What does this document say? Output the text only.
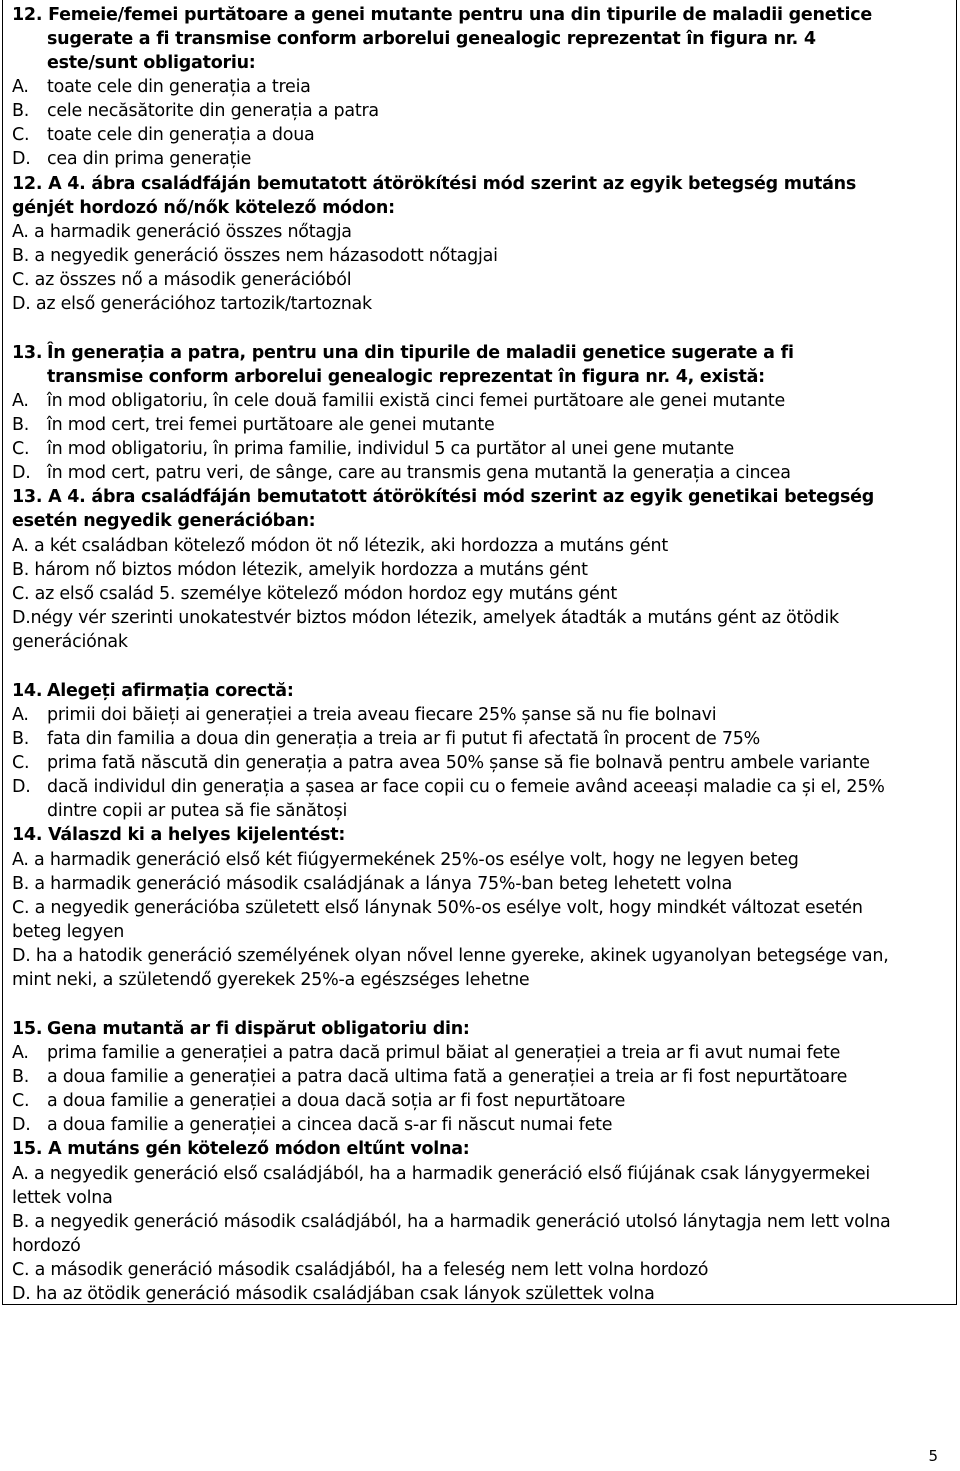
12. Femeie/femei purtătoare a genei mutante pentru una din tipurile de maladii genetice
sugerate a fi transmise conform arborelui genealogic reprezentat în figura nr. 4
este/sunt obligatoriu:
A. toate cele din generația a treia
B. cele necăsătorite din generația a patra
C. toate cele din generația a doua
D. cea din prima generație
12. A 4. ábra családfáján bemutatott átörökítési mód szerint az egyik betegség mutáns
génjét hordozó nő/nők kötelező módon:
A. a harmadik generáció összes nőtagja
B. a negyedik generáció összes nem házasodott nőtagjai
C. az összes nő a második generációból
D. az első generációhoz tartozik/tartoznak
13. În generația a patra, pentru una din tipurile de maladii genetice sugerate a fi
transmise conform arborelui genealogic reprezentat în figura nr. 4, există:
A. în mod obligatoriu, în cele două familii există cinci femei purtătoare ale genei mutante
B. în mod cert, trei femei purtătoare ale genei mutante
C. în mod obligatoriu, în prima familie, individul 5 ca purtător al unei gene mutante
D. în mod cert, patru veri, de sânge, care au transmis gena mutantă la generația a cincea
13. A 4. ábra családfáján bemutatott átörökítési mód szerint az egyik genetikai betegség
esetén negyedik generációban:
A. a két családban kötelező módon öt nő létezik, aki hordozza a mutáns gént
B. három nő biztos módon létezik, amelyik hordozza a mutáns gént
C. az első család 5. személye kötelező módon hordoz egy mutáns gént
D.négy vér szerinti unokatestvér biztos módon létezik, amelyek átadták a mutáns gént az ötödik
generációnak
14. Alegeți afirmația corectă:
A. primii doi băieți ai generației a treia aveau fiecare 25% șanse să nu fie bolnavi
B. fata din familia a doua din generația a treia ar fi putut fi afectată în procent de 75%
C. prima fată născută din generația a patra avea 50% șanse să fie bolnavă pentru ambele variante
D. dacă individul din generația a șasea ar face copii cu o femeie având aceeași maladie ca și el, 25%
dintre copii ar putea să fie sănătoși
14. Válaszd ki a helyes kijelentést:
A. a harmadik generáció első két fiúgyermekének 25%-os esélye volt, hogy ne legyen beteg
B. a harmadik generáció második családjának a lánya 75%-ban beteg lehetett volna
C. a negyedik generációba született első lánynak 50%-os esélye volt, hogy mindkét változat esetén
beteg legyen
D. ha a hatodik generáció személyének olyan nővel lenne gyereke, akinek ugyanolyan betegsége van,
mint neki, a születendő gyerekek 25%-a egészséges lehetne
15. Gena mutantă ar fi dispărut obligatoriu din:
A. prima familie a generației a patra dacă primul băiat al generației a treia ar fi avut numai fete
B. a doua familie a generației a patra dacă ultima fată a generației a treia ar fi fost nepurtătoare
C. a doua familie a generației a doua dacă soția ar fi fost nepurtătoare
D. a doua familie a generației a cincea dacă s-ar fi născut numai fete
15. A mutáns gén kötelező módon eltűnt volna:
A. a negyedik generáció első családjából, ha a harmadik generáció első fiújának csak lánygyermekei
lettek volna
B. a negyedik generáció második családjából, ha a harmadik generáció utolsó lánytagja nem lett volna
hordozó
C. a második generáció második családjából, ha a feleség nem lett volna hordozó
D. ha az ötödik generáció második családjában csak lányok születtek volna
5
